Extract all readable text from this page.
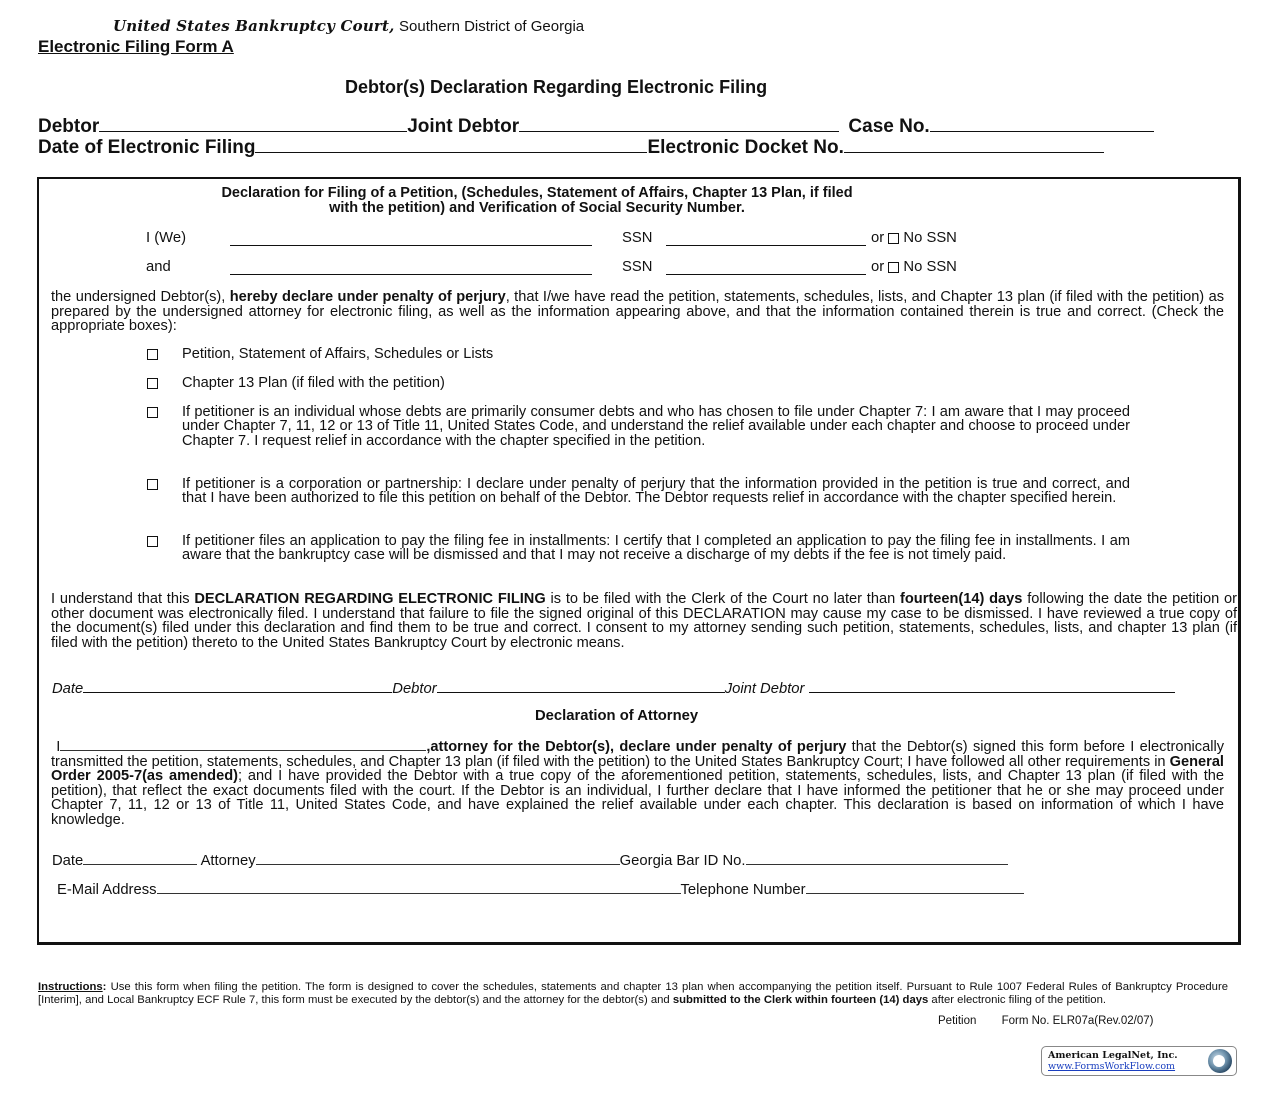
United States Bankruptcy Court, Southern District of Georgia
Electronic Filing Form A
Debtor(s) Declaration Regarding Electronic Filing
Debtor	Joint Debtor	Case No.
Date of Electronic Filing	Electronic Docket No.
Declaration for Filing of a Petition, (Schedules, Statement of Affairs, Chapter 13 Plan, if filed
with the petition) and Verification of Social Security Number.
I (We)	SSN	or No SSN
and	SSN	or No SSN
the undersigned Debtor(s), hereby declare under penalty of perjury, that I/we have read the petition, statements, schedules, lists, and Chapter 13 plan (if filed with the petition) as prepared by the undersigned attorney for electronic filing, as well as the information appearing above, and that the information contained therein is true and correct. (Check the appropriate boxes):
Petition, Statement of Affairs, Schedules or Lists
Chapter 13 Plan (if filed with the petition)
If petitioner is an individual whose debts are primarily consumer debts and who has chosen to file under Chapter 7: I am aware that I may proceed under Chapter 7, 11, 12 or 13 of Title 11, United States Code, and understand the relief available under each chapter and choose to proceed under Chapter 7. I request relief in accordance with the chapter specified in the petition.
If petitioner is a corporation or partnership: I declare under penalty of perjury that the information provided in the petition is true and correct, and that I have been authorized to file this petition on behalf of the Debtor. The Debtor requests relief in accordance with the chapter specified herein.
If petitioner files an application to pay the filing fee in installments: I certify that I completed an application to pay the filing fee in installments. I am aware that the bankruptcy case will be dismissed and that I may not receive a discharge of my debts if the fee is not timely paid.
I understand that this DECLARATION REGARDING ELECTRONIC FILING is to be filed with the Clerk of the Court no later than fourteen(14) days following the date the petition or other document was electronically filed. I understand that failure to file the signed original of this DECLARATION may cause my case to be dismissed. I have reviewed a true copy of the document(s) filed under this declaration and find them to be true and correct. I consent to my attorney sending such petition, statements, schedules, lists, and chapter 13 plan (if filed with the petition) thereto to the United States Bankruptcy Court by electronic means.
Date	Debtor	Joint Debtor
Declaration of Attorney
I	,attorney for the Debtor(s), declare under penalty of perjury that the Debtor(s) signed this form before I electronically transmitted the petition, statements, schedules, and Chapter 13 plan (if filed with the petition) to the United States Bankruptcy Court; I have followed all other requirements in General Order 2005-7(as amended); and I have provided the Debtor with a true copy of the aforementioned petition, statements, schedules, lists, and Chapter 13 plan (if filed with the petition), that reflect the exact documents filed with the court. If the Debtor is an individual, I further declare that I have informed the petitioner that he or she may proceed under Chapter 7, 11, 12 or 13 of Title 11, United States Code, and have explained the relief available under each chapter. This declaration is based on information of which I have knowledge.
Date	Attorney	Georgia Bar ID No.
E-Mail Address	Telephone Number
Instructions: Use this form when filing the petition. The form is designed to cover the schedules, statements and chapter 13 plan when accompanying the petition itself. Pursuant to Rule 1007 Federal Rules of Bankruptcy Procedure [Interim], and Local Bankruptcy ECF Rule 7, this form must be executed by the debtor(s) and the attorney for the debtor(s) and submitted to the Clerk within fourteen (14) days after electronic filing of the petition.
Petition Form No. ELR07a(Rev.02/07)
American LegalNet, Inc.
www.FormsWorkFlow.com
